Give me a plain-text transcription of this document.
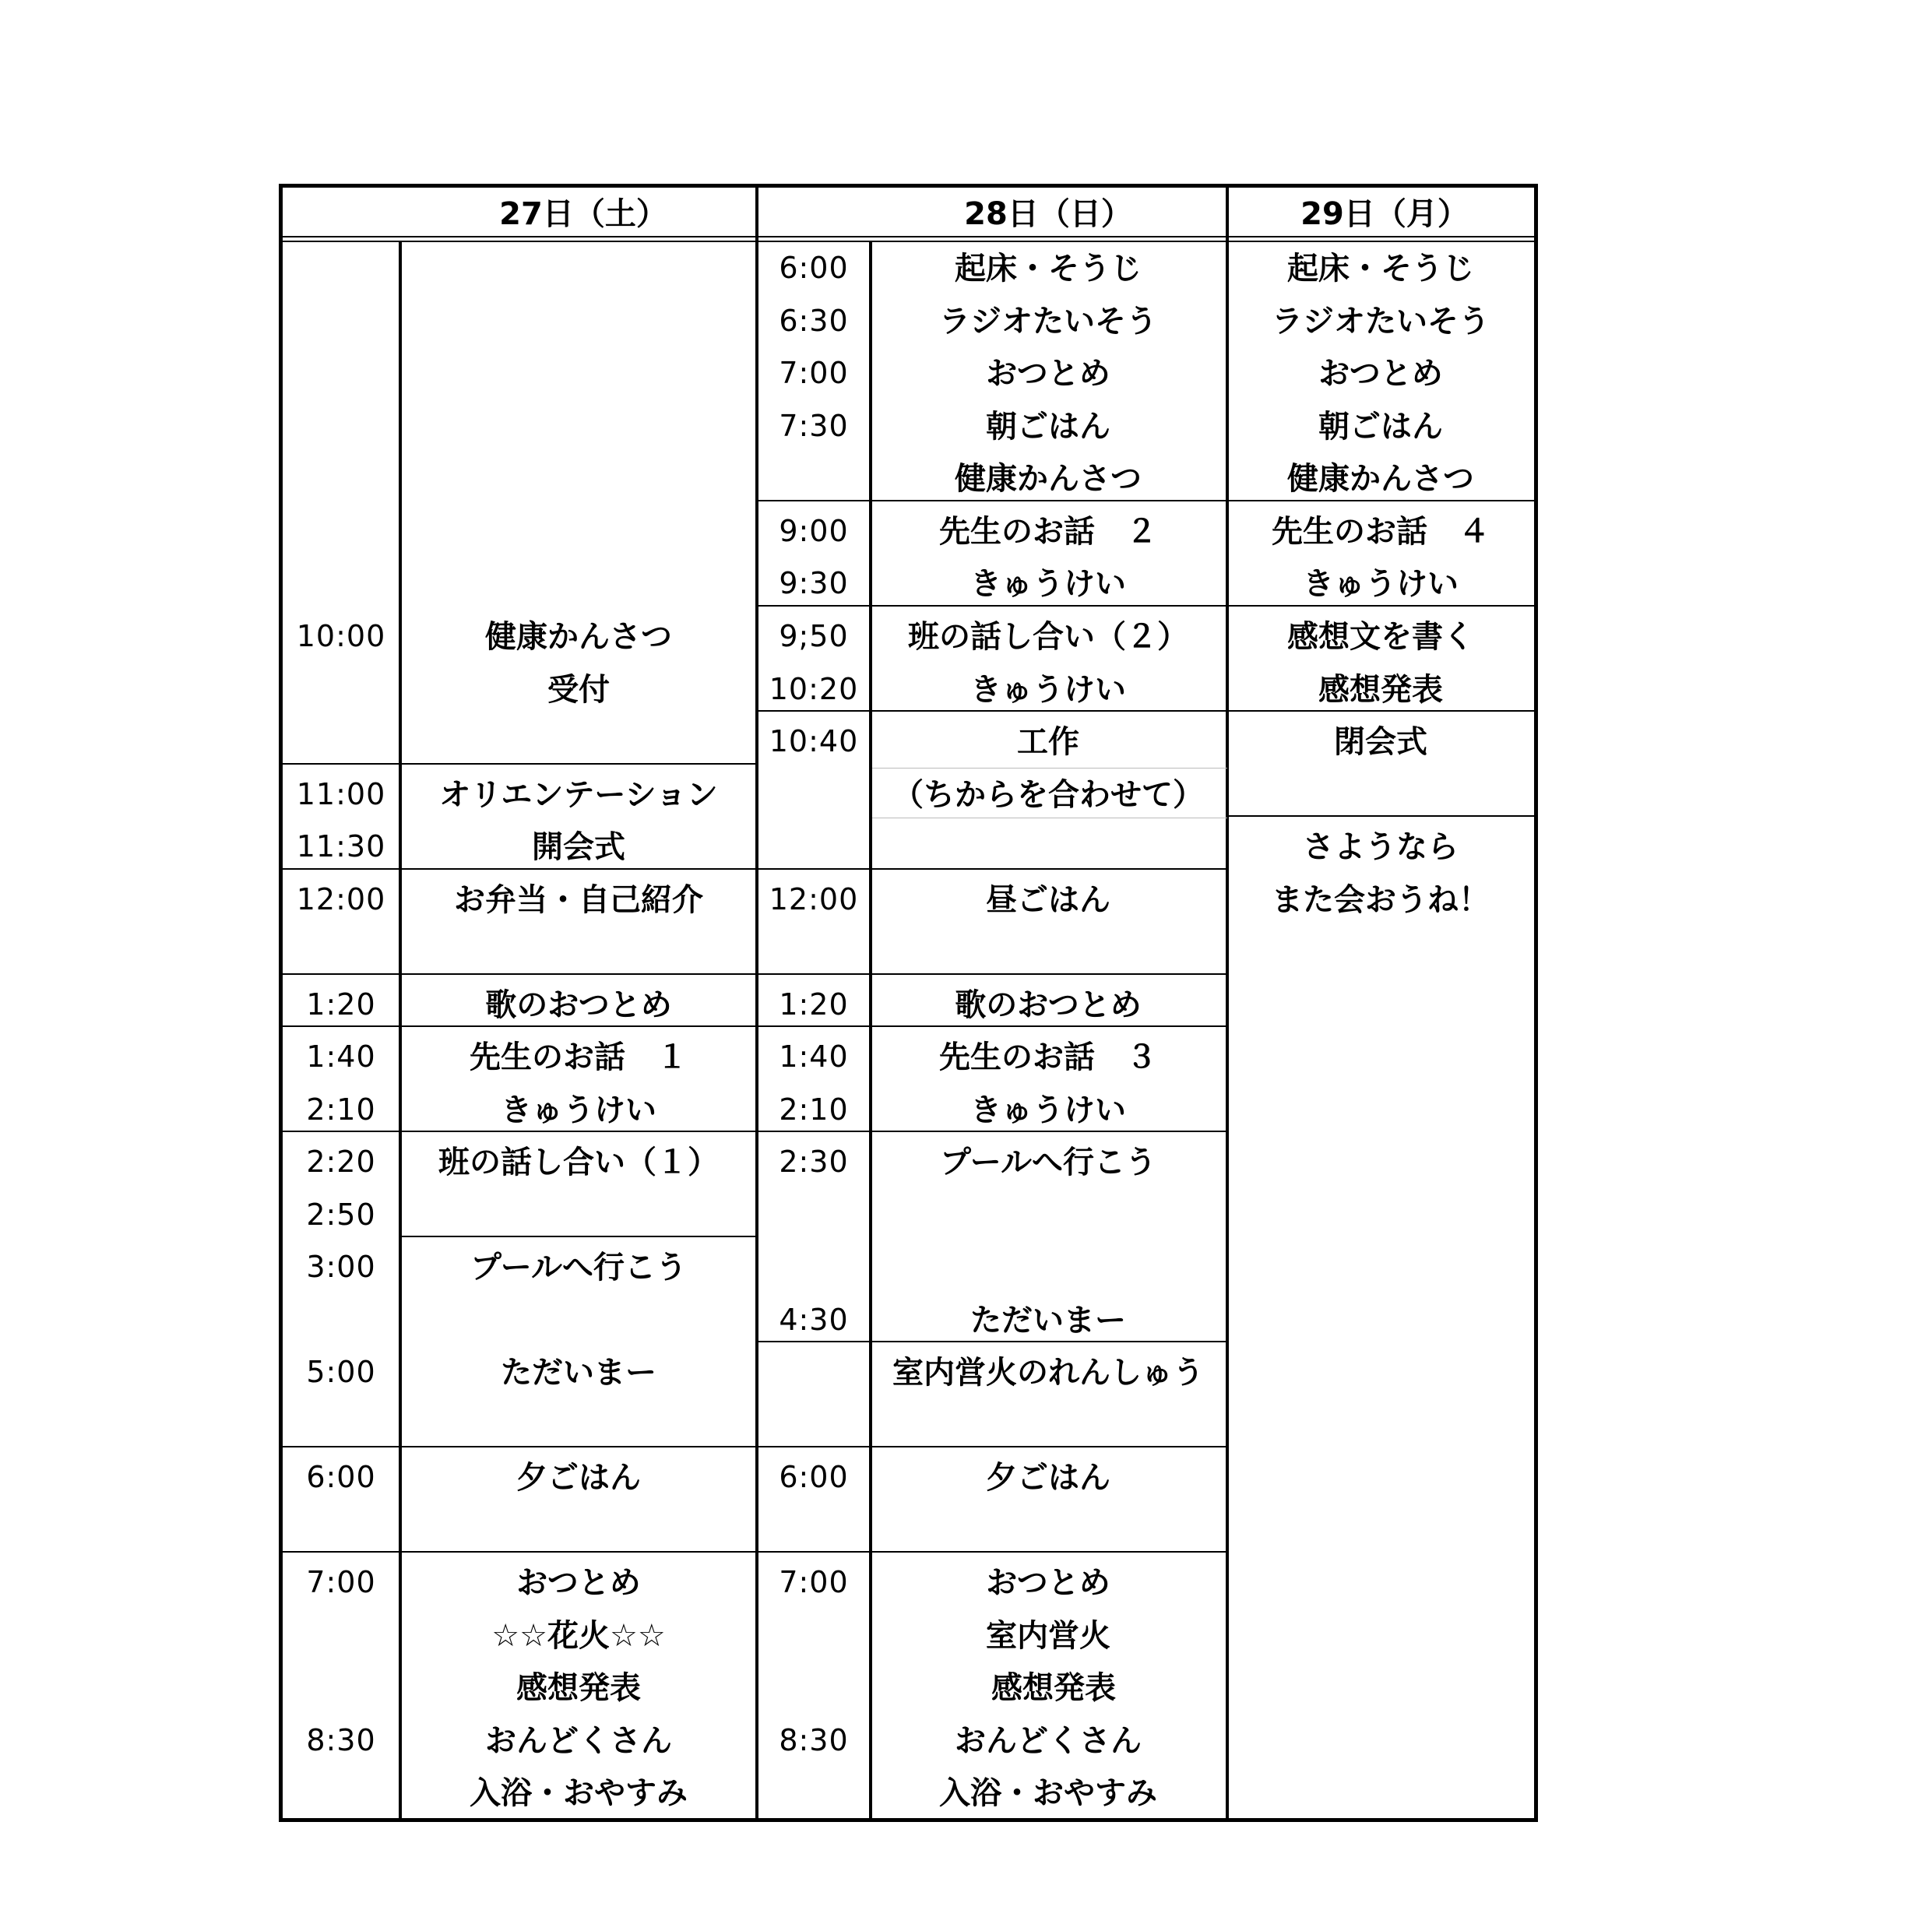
27日（土）	28日（日）	29日（月）
10:00
11:00
11:30
12:00
1:20
1:40
2:10
2:20
2:50
3:00
5:00
6:00
7:00
8:30
健康かんさつ
受付
オリエンテーション
開会式
お弁当・自己紹介
歌のおつとめ
先生のお話　１
きゅうけい
班の話し合い（１）
プールへ行こう
ただいまー
夕ごはん
おつとめ
☆☆花火☆☆
感想発表
おんどくさん
入浴・おやすみ
6:00
6:30
7:00
7:30
9:00
9:30
9;50
10:20
10:40
12:00
1:20
1:40
2:10
2:30
4:30
6:00
7:00
8:30
起床・そうじ
ラジオたいそう
おつとめ
朝ごはん
健康かんさつ
先生のお話　２
きゅうけい
班の話し合い（２）
きゅうけい
工作
（ちからを合わせて）
昼ごはん
歌のおつとめ
先生のお話　３
きゅうけい
プールへ行こう
ただいまー
室内営火のれんしゅう
夕ごはん
おつとめ
室内営火
感想発表
おんどくさん
入浴・おやすみ
起床・そうじ
ラジオたいそう
おつとめ
朝ごはん
健康かんさつ
先生のお話　４
きゅうけい
感想文を書く
感想発表
閉会式
さようなら
また会おうね！
